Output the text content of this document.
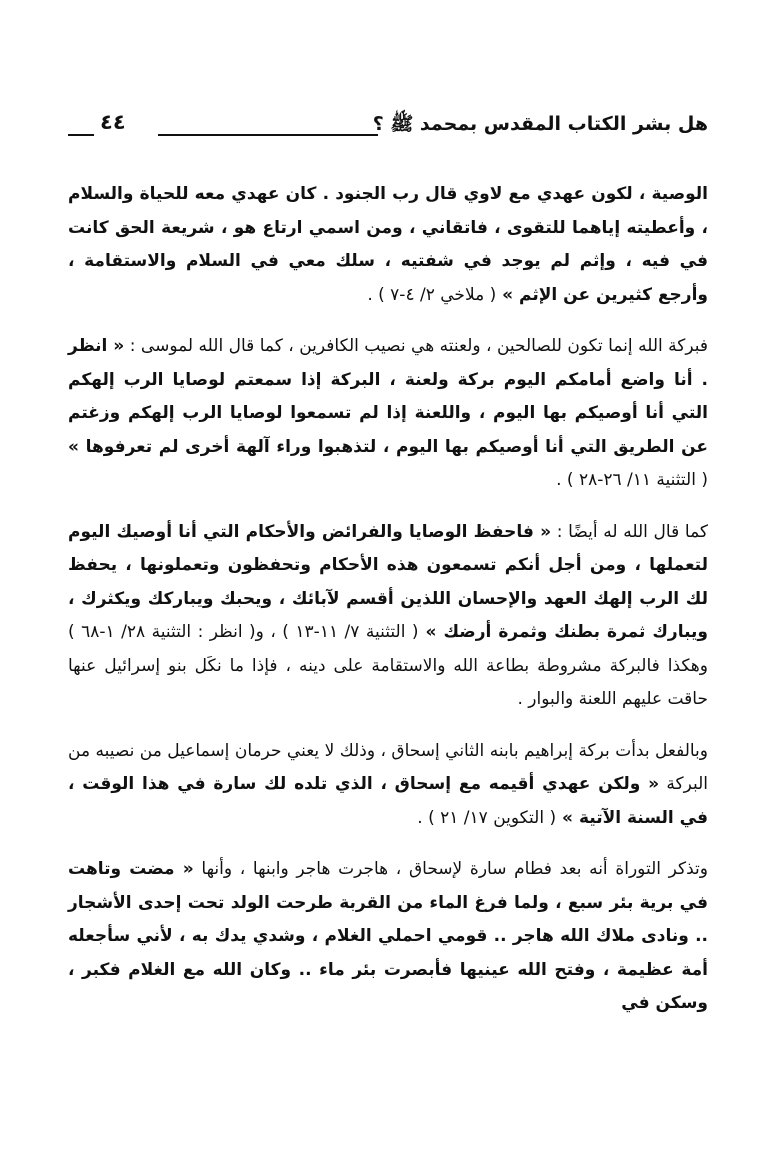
هل بشر الكتاب المقدس بمحمد ﷺ ؟
٤٤

الوصية ، لكون عهدي مع لاوي قال رب الجنود . كان عهدي معه للحياة والسلام ، وأعطيته إياهما للتقوى ، فاتقاني ، ومن اسمي ارتاع هو ، شريعة الحق كانت في فيه ، وإثم لم يوجد في شفتيه ، سلك معي في السلام والاستقامة ، وأرجع كثيرين عن الإثم » ( ملاخي ٢/ ٤-٧ ) .

فبركة الله إنما تكون للصالحين ، ولعنته هي نصيب الكافرين ، كما قال الله لموسى : « انظر . أنا واضع أمامكم اليوم بركة ولعنة ، البركة إذا سمعتم لوصايا الرب إلهكم التي أنا أوصيكم بها اليوم ، واللعنة إذا لم تسمعوا لوصايا الرب إلهكم وزغتم عن الطريق التي أنا أوصيكم بها اليوم ، لتذهبوا وراء آلهة أخرى لم تعرفوها » ( التثنية ١١/ ٢٦-٢٨ ) .

كما قال الله له أيضًا : « فاحفظ الوصايا والفرائض والأحكام التي أنا أوصيك اليوم لتعملها ، ومن أجل أنكم تسمعون هذه الأحكام وتحفظون وتعملونها ، يحفظ لك الرب إلهك العهد والإحسان اللذين أقسم لآبائك ، ويحبك ويباركك ويكثرك ، ويبارك ثمرة بطنك وثمرة أرضك » ( التثنية ٧/ ١١-١٣ ) ، و( انظر : التثنية ٢٨/ ١-٦٨ ) وهكذا فالبركة مشروطة بطاعة الله والاستقامة على دينه ، فإذا ما نكَل بنو إسرائيل عنها حاقت عليهم اللعنة والبوار .

وبالفعل بدأت بركة إبراهيم بابنه الثاني إسحاق ، وذلك لا يعني حرمان إسماعيل من نصيبه من البركة « ولكن عهدي أقيمه مع إسحاق ، الذي تلده لك سارة في هذا الوقت ، في السنة الآتية » ( التكوين ١٧/ ٢١ ) .

وتذكر التوراة أنه بعد فطام سارة لإسحاق ، هاجرت هاجر وابنها ، وأنها « مضت وتاهت في برية بئر سبع ، ولما فرغ الماء من القربة طرحت الولد تحت إحدى الأشجار .. ونادى ملاك الله هاجر .. قومي احملي الغلام ، وشدي يدك به ، لأني سأجعله أمة عظيمة ، وفتح الله عينيها فأبصرت بئر ماء .. وكان الله مع الغلام فكبر ، وسكن في
